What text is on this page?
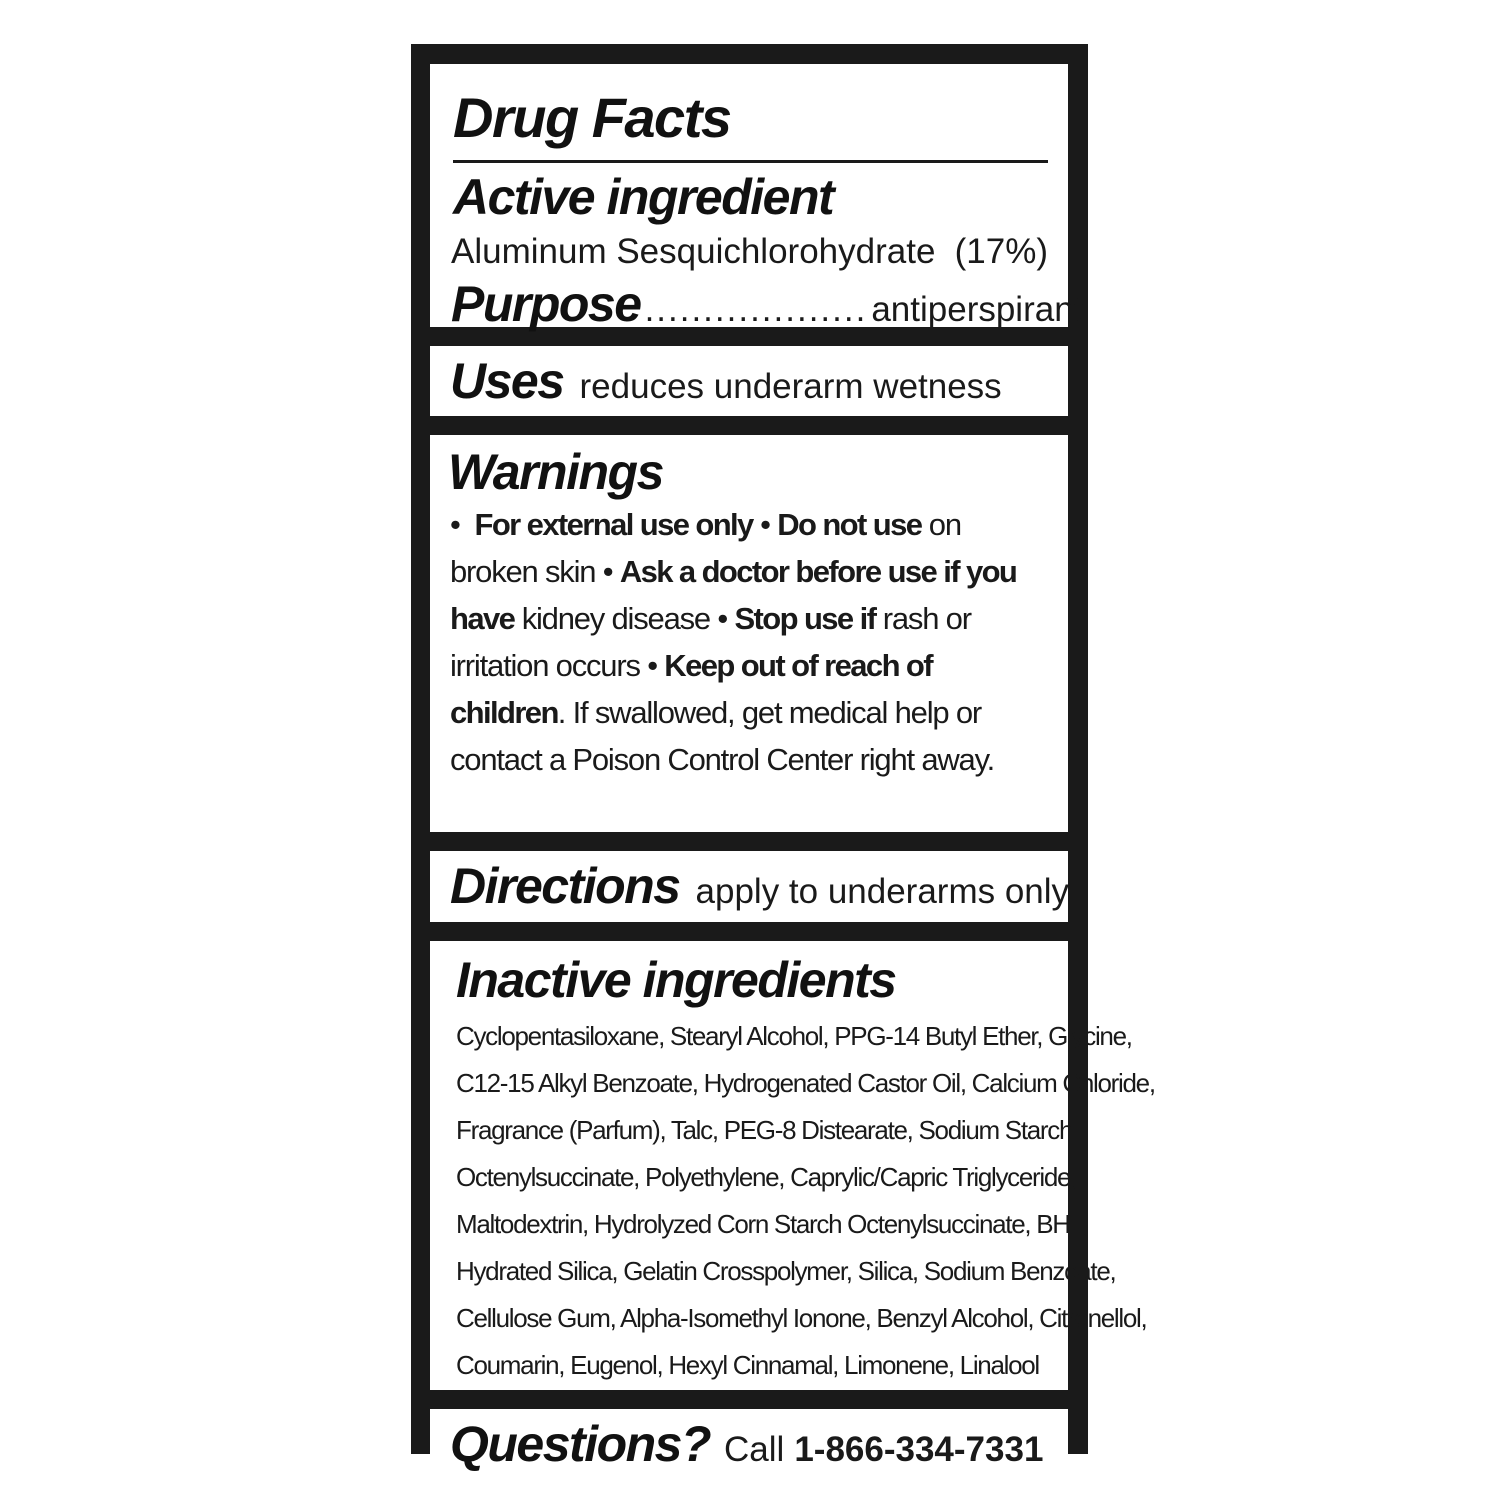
Drug Facts
Active ingredient
Aluminum Sesquichlorohydrate (17%)
Purpose ................... antiperspirant
Uses reduces underarm wetness
Warnings
• For external use only • Do not use on
broken skin • Ask a doctor before use if you
have kidney disease • Stop use if rash or
irritation occurs • Keep out of reach of
children. If swallowed, get medical help or
contact a Poison Control Center right away.
Directions apply to underarms only
Inactive ingredients
Cyclopentasiloxane, Stearyl Alcohol, PPG-14 Butyl Ether, Glycine,
C12-15 Alkyl Benzoate, Hydrogenated Castor Oil, Calcium Chloride,
Fragrance (Parfum), Talc, PEG-8 Distearate, Sodium Starch
Octenylsuccinate, Polyethylene, Caprylic/Capric Triglyceride,
Maltodextrin, Hydrolyzed Corn Starch Octenylsuccinate, BHT,
Hydrated Silica, Gelatin Crosspolymer, Silica, Sodium Benzoate,
Cellulose Gum, Alpha-Isomethyl Ionone, Benzyl Alcohol, Citronellol,
Coumarin, Eugenol, Hexyl Cinnamal, Limonene, Linalool
Questions? Call 1-866-334-7331
